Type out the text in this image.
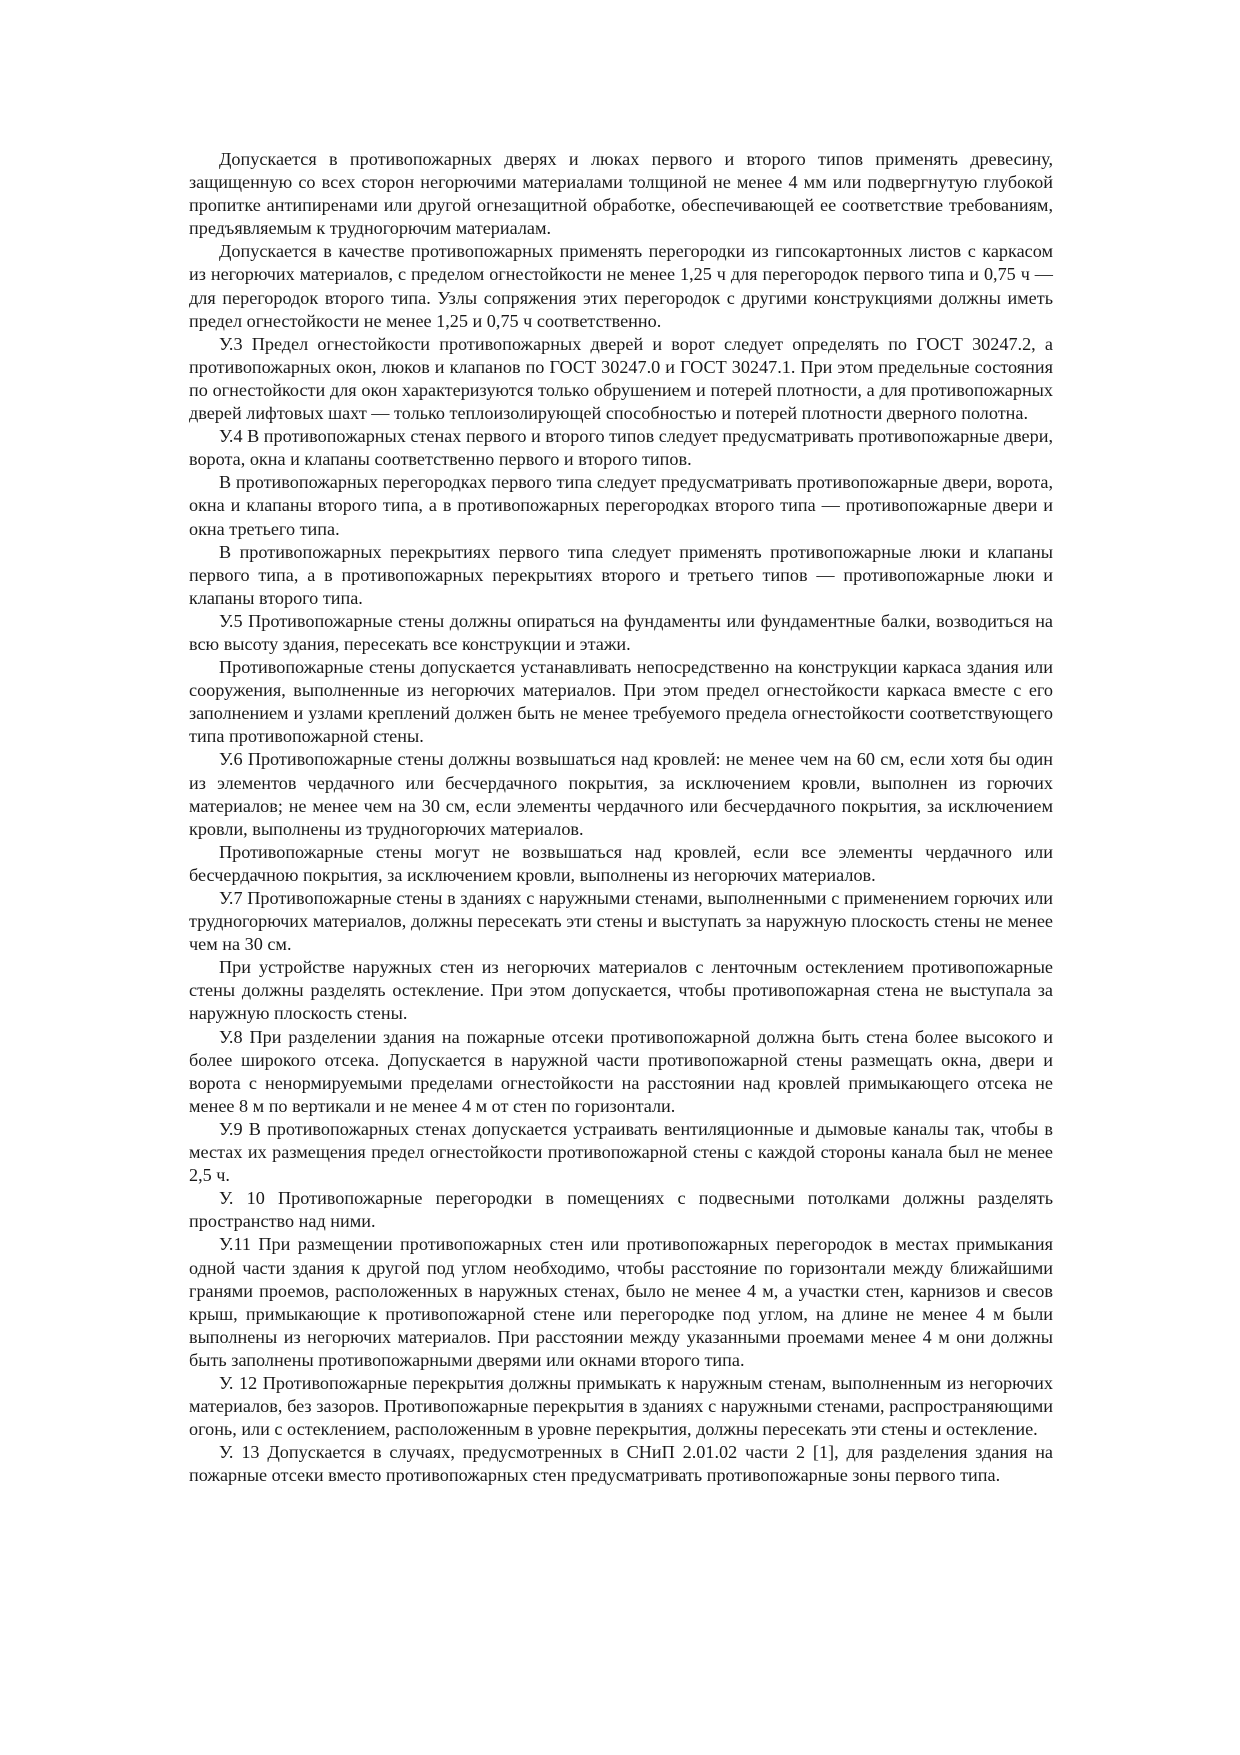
Допускается в противопожарных дверях и люках первого и второго типов применять древесину, защищенную со всех сторон негорючими материалами толщиной не менее 4 мм или подвергнутую глубокой пропитке антипиренами или другой огнезащитной обработке, обеспечивающей ее соответствие требованиям, предъявляемым к трудногорючим материалам.

Допускается в качестве противопожарных применять перегородки из гипсокартонных листов с каркасом из негорючих материалов, с пределом огнестойкости не менее 1,25 ч для перегородок первого типа и 0,75 ч — для перегородок второго типа. Узлы сопряжения этих перегородок с другими конструкциями должны иметь предел огнестойкости не менее 1,25 и 0,75 ч соответственно.

У.3 Предел огнестойкости противопожарных дверей и ворот следует определять по ГОСТ 30247.2, а противопожарных окон, люков и клапанов по ГОСТ 30247.0 и ГОСТ 30247.1. При этом предельные состояния по огнестойкости для окон характеризуются только обрушением и потерей плотности, а для противопожарных дверей лифтовых шахт — только теплоизолирующей способностью и потерей плотности дверного полотна.

У.4 В противопожарных стенах первого и второго типов следует предусматривать противопожарные двери, ворота, окна и клапаны соответственно первого и второго типов.

В противопожарных перегородках первого типа следует предусматривать противопожарные двери, ворота, окна и клапаны второго типа, а в противопожарных перегородках второго типа — противопожарные двери и окна третьего типа.

В противопожарных перекрытиях первого типа следует применять противопожарные люки и клапаны первого типа, а в противопожарных перекрытиях второго и третьего типов — противопожарные люки и клапаны второго типа.

У.5 Противопожарные стены должны опираться на фундаменты или фундаментные балки, возводиться на всю высоту здания, пересекать все конструкции и этажи.

Противопожарные стены допускается устанавливать непосредственно на конструкции каркаса здания или сооружения, выполненные из негорючих материалов. При этом предел огнестойкости каркаса вместе с его заполнением и узлами креплений должен быть не менее требуемого предела огнестойкости соответствующего типа противопожарной стены.

У.6 Противопожарные стены должны возвышаться над кровлей: не менее чем на 60 см, если хотя бы один из элементов чердачного или бесчердачного покрытия, за исключением кровли, выполнен из горючих материалов; не менее чем на 30 см, если элементы чердачного или бесчердачного покрытия, за исключением кровли, выполнены из трудногорючих материалов.

Противопожарные стены могут не возвышаться над кровлей, если все элементы чердачного или бесчердачною покрытия, за исключением кровли, выполнены из негорючих материалов.

У.7 Противопожарные стены в зданиях с наружными стенами, выполненными с применением горючих или трудногорючих материалов, должны пересекать эти стены и выступать за наружную плоскость стены не менее чем на 30 см.

При устройстве наружных стен из негорючих материалов с ленточным остеклением противопожарные стены должны разделять остекление. При этом допускается, чтобы противопожарная стена не выступала за наружную плоскость стены.

У.8 При разделении здания на пожарные отсеки противопожарной должна быть стена более высокого и более широкого отсека. Допускается в наружной части противопожарной стены размещать окна, двери и ворота с ненормируемыми пределами огнестойкости на расстоянии над кровлей примыкающего отсека не менее 8 м по вертикали и не менее 4 м от стен по горизонтали.

У.9 В противопожарных стенах допускается устраивать вентиляционные и дымовые каналы так, чтобы в местах их размещения предел огнестойкости противопожарной стены с каждой стороны канала был не менее 2,5 ч.

У. 10 Противопожарные перегородки в помещениях с подвесными потолками должны разделять пространство над ними.

У.11 При размещении противопожарных стен или противопожарных перегородок в местах примыкания одной части здания к другой под углом необходимо, чтобы расстояние по горизонтали между ближайшими гранями проемов, расположенных в наружных стенах, было не менее 4 м, а участки стен, карнизов и свесов крыш, примыкающие к противопожарной стене или перегородке под углом, на длине не менее 4 м были выполнены из негорючих материалов. При расстоянии между указанными проемами менее 4 м они должны быть заполнены противопожарными дверями или окнами второго типа.

У. 12 Противопожарные перекрытия должны примыкать к наружным стенам, выполненным из негорючих материалов, без зазоров. Противопожарные перекрытия в зданиях с наружными стенами, распространяющими огонь, или с остеклением, расположенным в уровне перекрытия, должны пересекать эти стены и остекление.

У. 13 Допускается в случаях, предусмотренных в СНиП 2.01.02 части 2 [1], для разделения здания на пожарные отсеки вместо противопожарных стен предусматривать противопожарные зоны первого типа.
